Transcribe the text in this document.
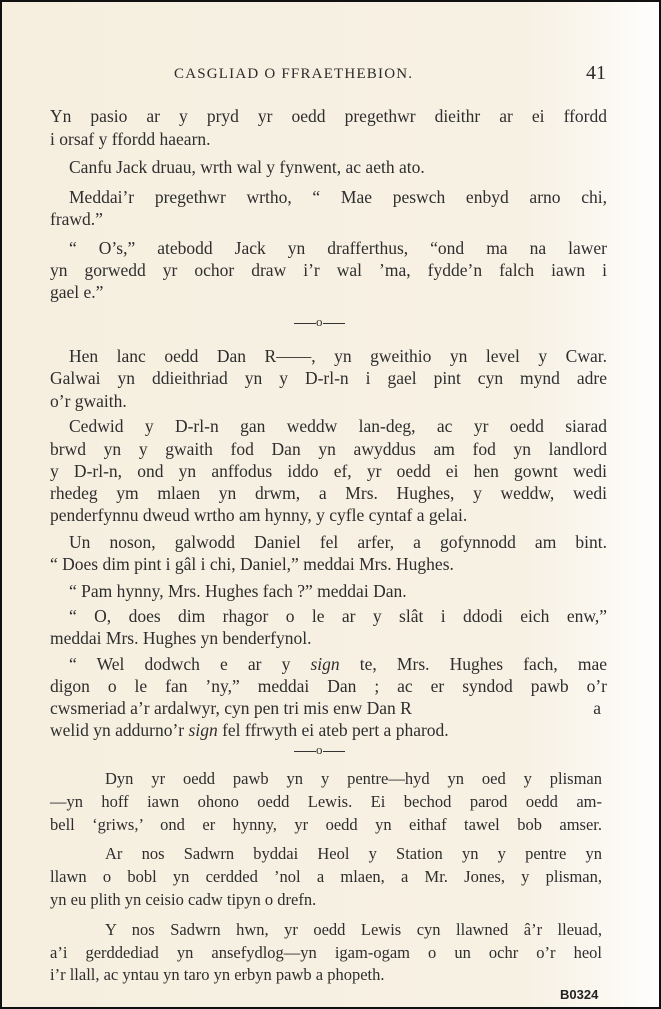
CASGLIAD O FFRAETHEBION.	41
Yn pasio ar y pryd yr oedd pregethwr dieithr ar ei ffordd
i orsaf y ffordd haearn.
Canfu Jack druau, wrth wal y fynwent, ac aeth ato.
Meddai’r pregethwr wrtho, “ Mae peswch enbyd arno chi,
frawd.”
“ O’s,” atebodd Jack yn drafferthus, “ond ma na lawer
yn gorwedd yr ochor draw i’r wal ’ma, fydde’n falch iawn i
gael e.”
o
Hen lanc oedd Dan R——, yn gweithio yn level y Cwar.
Galwai yn ddieithriad yn y D-rl-n i gael pint cyn mynd adre
o’r gwaith.
Cedwid y D-rl-n gan weddw lan-deg, ac yr oedd siarad
brwd yn y gwaith fod Dan yn awyddus am fod yn landlord
y D-rl-n, ond yn anffodus iddo ef, yr oedd ei hen gownt wedi
rhedeg ym mlaen yn drwm, a Mrs. Hughes, y weddw, wedi
penderfynnu dweud wrtho am hynny, y cyfle cyntaf a gelai.
Un noson, galwodd Daniel fel arfer, a gofynnodd am bint.
“ Does dim pint i gâl i chi, Daniel,” meddai Mrs. Hughes.
“ Pam hynny, Mrs. Hughes fach ?” meddai Dan.
“ O, does dim rhagor o le ar y slât i ddodi eich enw,”
meddai Mrs. Hughes yn benderfynol.
“ Wel dodwch e ar y sign te, Mrs. Hughes fach, mae
digon o le fan ’ny,” meddai Dan ; ac er syndod pawb o’r
cwsmeriad a’r ardalwyr, cyn pen tri mis enw Dan R	a
welid yn addurno’r sign fel ffrwyth ei ateb pert a pharod.
o
Dyn yr oedd pawb yn y pentre—hyd yn oed y plisman
—yn hoff iawn ohono oedd Lewis. Ei bechod parod oedd am-
bell ‘griws,’ ond er hynny, yr oedd yn eithaf tawel bob amser.
Ar nos Sadwrn byddai Heol y Station yn y pentre yn
llawn o bobl yn cerdded ’nol a mlaen, a Mr. Jones, y plisman,
yn eu plith yn ceisio cadw tipyn o drefn.
Y nos Sadwrn hwn, yr oedd Lewis cyn llawned â’r lleuad,
a’i gerddediad yn ansefydlog—yn igam-ogam o un ochr o’r heol
i’r llall, ac yntau yn taro yn erbyn pawb a phopeth.
B0324
